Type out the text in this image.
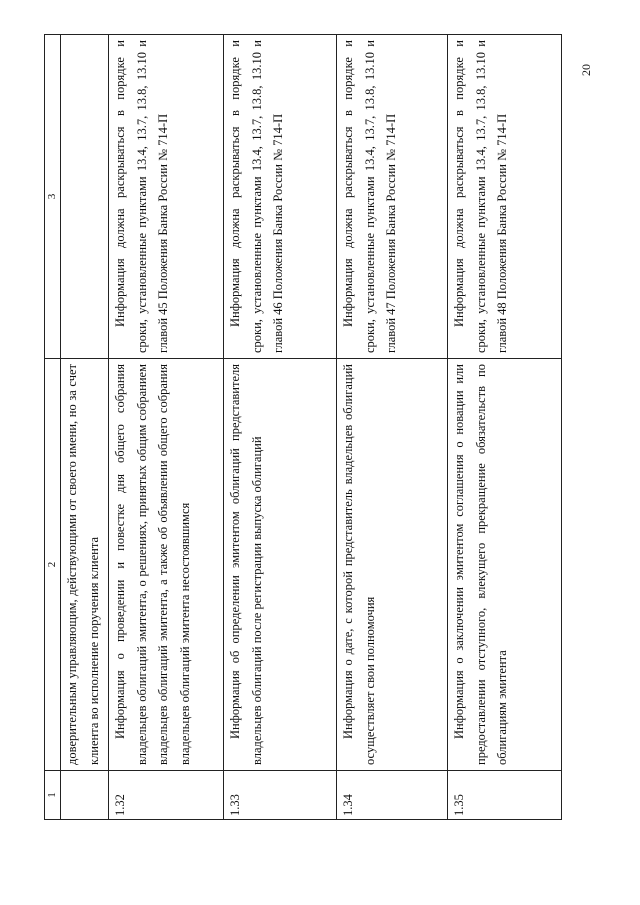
20
1	2	3
	доверительным управляющим, действующими от своего имени, но за счет клиента во исполнение поручения клиента	
1.32	Информация о проведении и повестке дня общего собрания владельцев облигаций эмитента, о решениях, принятых общим собранием владельцев облигаций эмитента, а также об объявлении общего собрания владельцев облигаций эмитента несостоявшимся	Информация должна раскрываться в порядке и сроки, установленные пунктами 13.4, 13.7, 13.8, 13.10 и главой 45 Положения Банка России № 714-П
1.33	Информация об определении эмитентом облигаций представителя владельцев облигаций после регистрации выпуска облигаций	Информация должна раскрываться в порядке и сроки, установленные пунктами 13.4, 13.7, 13.8, 13.10 и главой 46 Положения Банка России № 714-П
1.34	Информация о дате, с которой представитель владельцев облигаций осуществляет свои полномочия	Информация должна раскрываться в порядке и сроки, установленные пунктами 13.4, 13.7, 13.8, 13.10 и главой 47 Положения Банка России № 714-П
1.35	Информация о заключении эмитентом соглашения о новации или предоставлении отступного, влекущего прекращение обязательств по облигациям эмитента	Информация должна раскрываться в порядке и сроки, установленные пунктами 13.4, 13.7, 13.8, 13.10 и главой 48 Положения Банка России № 714-П
